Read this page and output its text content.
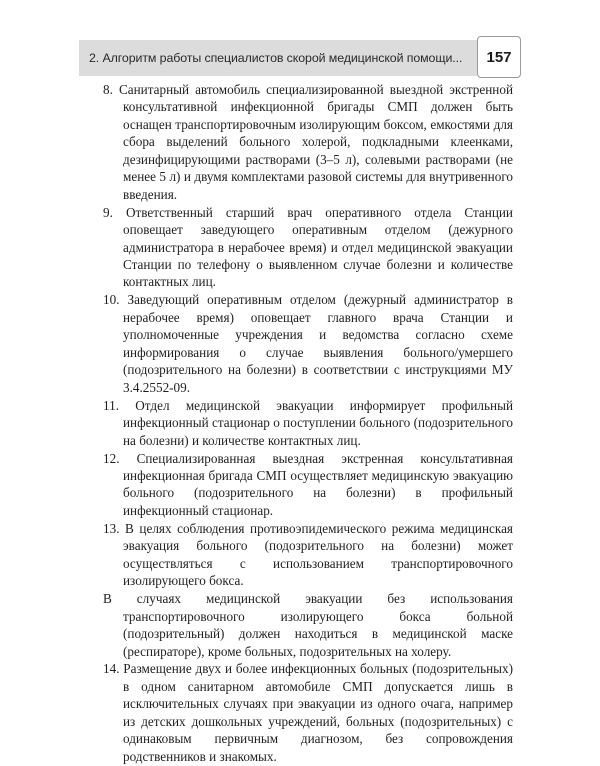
2. Алгоритм работы специалистов скорой медицинской помощи... 157
8. Санитарный автомобиль специализированной выездной экстренной консультативной инфекционной бригады СМП должен быть оснащен транспортировочным изолирующим боксом, емкостями для сбора выделений больного холерой, подкладными клеенками, дезинфицирующими растворами (3–5 л), солевыми растворами (не менее 5 л) и двумя комплектами разовой системы для внутривенного введения.
9. Ответственный старший врач оперативного отдела Станции оповещает заведующего оперативным отделом (дежурного администратора в нерабочее время) и отдел медицинской эвакуации Станции по телефону о выявленном случае болезни и количестве контактных лиц.
10. Заведующий оперативным отделом (дежурный администратор в нерабочее время) оповещает главного врача Станции и уполномоченные учреждения и ведомства согласно схеме информирования о случае выявления больного/умершего (подозрительного на болезни) в соответствии с инструкциями МУ 3.4.2552-09.
11. Отдел медицинской эвакуации информирует профильный инфекционный стационар о поступлении больного (подозрительного на болезни) и количестве контактных лиц.
12. Специализированная выездная экстренная консультативная инфекционная бригада СМП осуществляет медицинскую эвакуацию больного (подозрительного на болезни) в профильный инфекционный стационар.
13. В целях соблюдения противоэпидемического режима медицинская эвакуация больного (подозрительного на болезни) может осуществляться с использованием транспортировочного изолирующего бокса.
В случаях медицинской эвакуации без использования транспортировочного изолирующего бокса больной (подозрительный) должен находиться в медицинской маске (респираторе), кроме больных, подозрительных на холеру.
14. Размещение двух и более инфекционных больных (подозрительных) в одном санитарном автомобиле СМП допускается лишь в исключительных случаях при эвакуации из одного очага, например из детских дошкольных учреждений, больных (подозрительных) с одинаковым первичным диагнозом, без сопровождения родственников и знакомых.
